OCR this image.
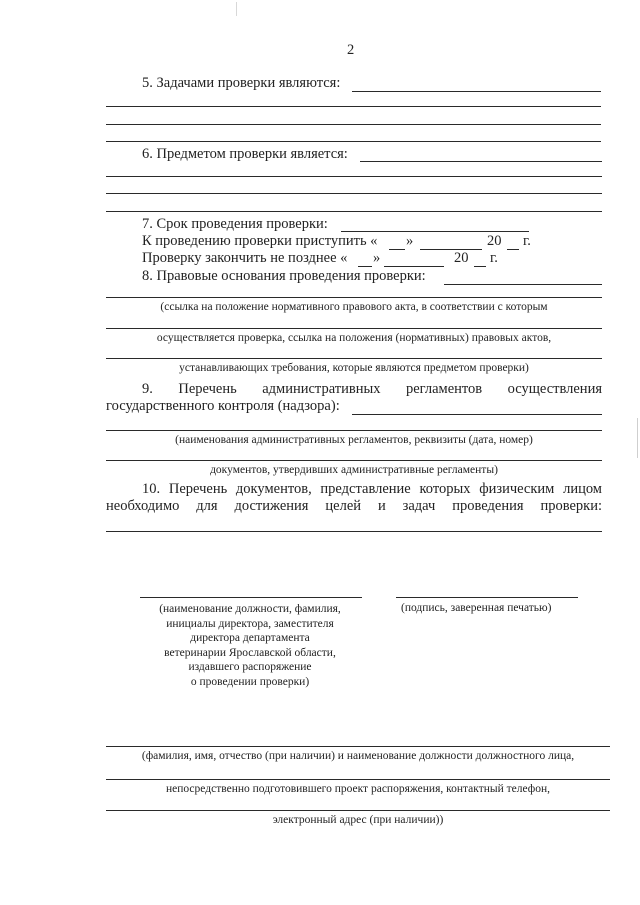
2
5. Задачами проверки являются:
6. Предметом проверки является:
7. Срок проведения проверки:
К проведению проверки приступить « »	20 г.
Проверку закончить не позднее « »	20 г.
8. Правовые основания проведения проверки:
(ссылка на положение нормативного правового акта, в соответствии с которым
осуществляется проверка, ссылка на положения (нормативных) правовых актов,
устанавливающих требования, которые являются предметом проверки)
9. Перечень административных регламентов осуществления
государственного контроля (надзора):
(наименования административных регламентов, реквизиты (дата, номер)
документов, утвердивших административные регламенты)
10. Перечень документов, представление которых физическим лицом
необходимо для достижения целей и задач проведения проверки:
(наименование должности, фамилия,
инициалы директора, заместителя
директора департамента
ветеринарии Ярославской области,
издавшего распоряжение
о проведении проверки)
(подпись, заверенная печатью)
(фамилия, имя, отчество (при наличии) и наименование должности должностного лица,
непосредственно подготовившего проект распоряжения, контактный телефон,
электронный адрес (при наличии))
